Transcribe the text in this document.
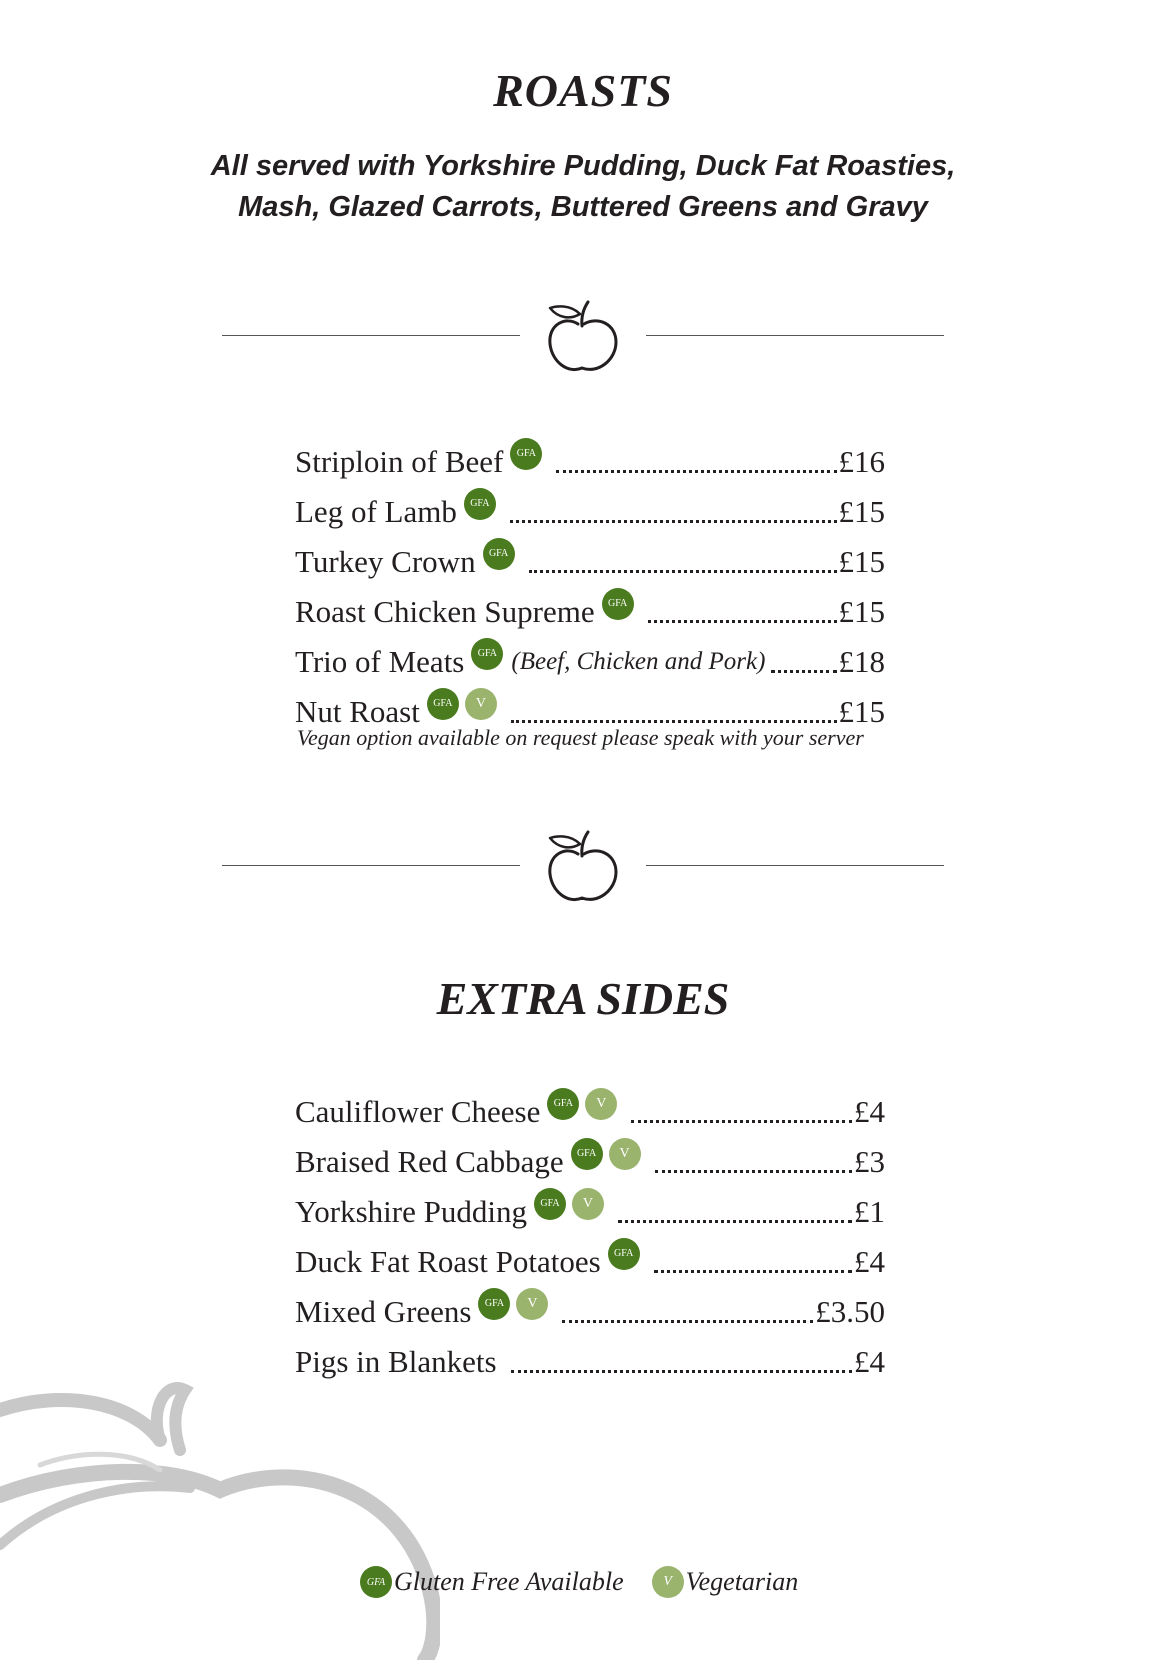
ROASTS
All served with Yorkshire Pudding, Duck Fat Roasties,
Mash, Glazed Carrots, Buttered Greens and Gravy
Striploin of Beef	GFA	£16
Leg of Lamb	GFA	£15
Turkey Crown	GFA	£15
Roast Chicken Supreme	GFA	£15
Trio of Meats	GFA (Beef, Chicken and Pork) £18
Nut Roast	GFA	V	£15
Vegan option available on request please speak with your server
EXTRA SIDES
Cauliflower Cheese	GFA	V	£4
Braised Red Cabbage	GFA	V	£3
Yorkshire Pudding	GFA	V	£1
Duck Fat Roast Potatoes	GFA	£4
Mixed Greens	GFA	V	£3.50
Pigs in Blankets	£4
GFA Gluten Free Available	V Vegetarian
